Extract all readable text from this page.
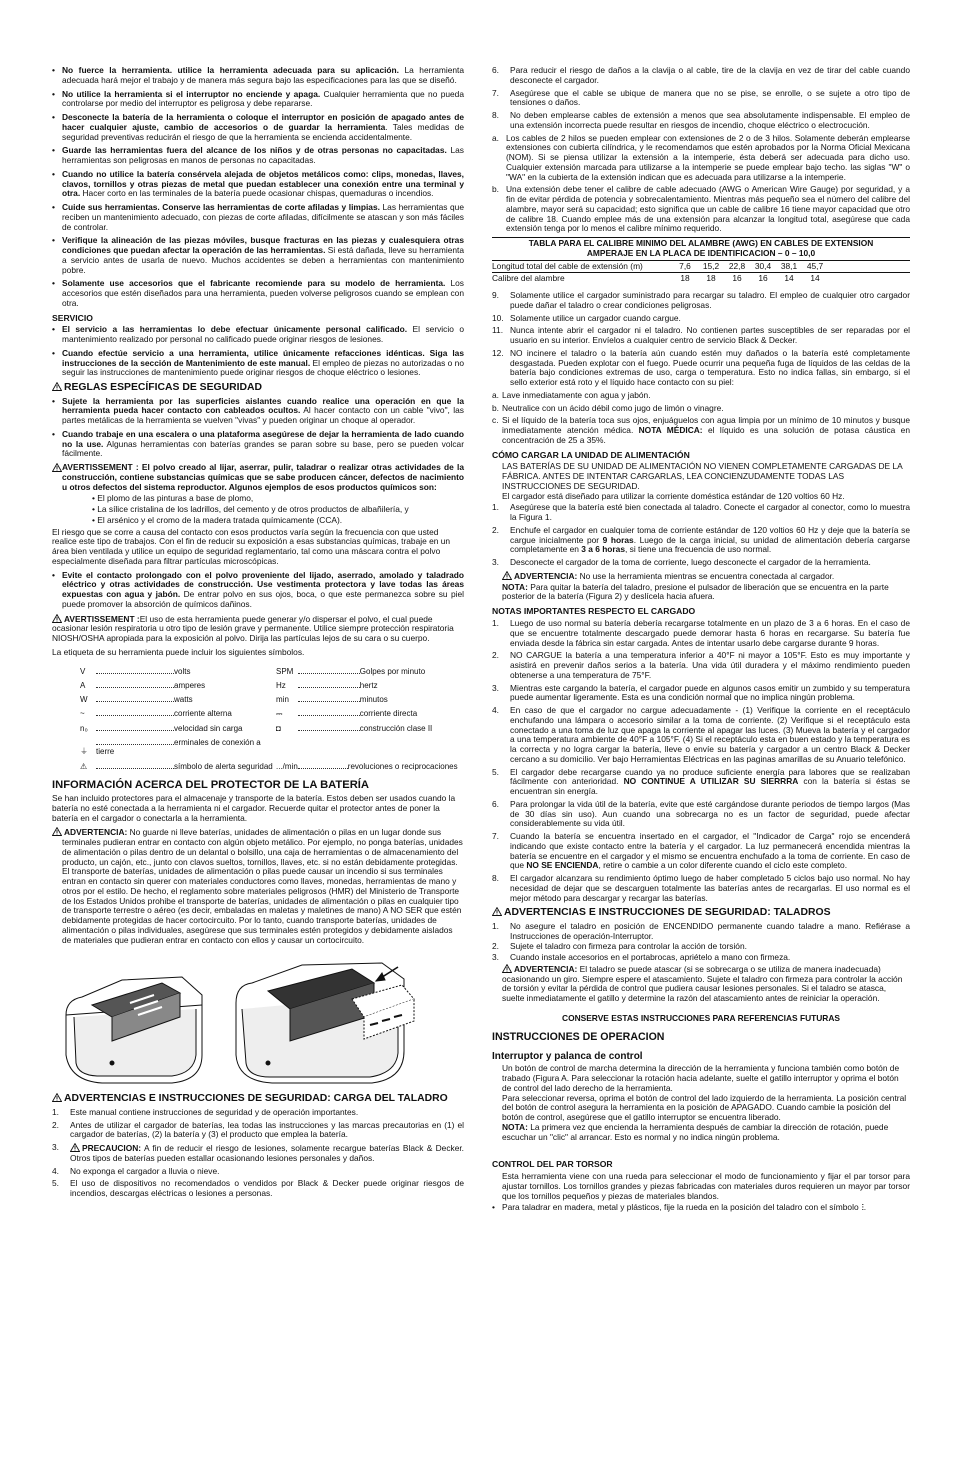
• No fuerce la herramienta. utilice la herramienta adecuada para su aplicación. La herramienta adecuada hará mejor el trabajo y de manera más segura bajo las especificaciones para las que se diseñó.

• No utilice la herramienta si el interruptor no enciende y apaga. Cualquier herramienta que no pueda controlarse por medio del interruptor es peligrosa y debe repararse.

• Desconecte la batería de la herramienta o coloque el interruptor en posición de apagado antes de hacer cualquier ajuste, cambio de accesorios o de guardar la herramienta. Tales medidas de seguridad preventivas reducirán el riesgo de que la herramienta se encienda accidentalmente.

• Guarde las herramientas fuera del alcance de los niños y de otras personas no capacitadas. Las herramientas son peligrosas en manos de personas no capacitadas.

• Cuando no utilice la batería consérvela alejada de objetos metálicos como: clips, monedas, llaves, clavos, tornillos y otras piezas de metal que puedan establecer una conexión entre una terminal y otra. Hacer corto en las terminales de la batería puede ocasionar chispas, quemaduras o incendios.

• Cuide sus herramientas. Conserve las herramientas de corte afiladas y limpias. Las herramientas que reciben un mantenimiento adecuado, con piezas de corte afiladas, difícilmente se atascan y son más fáciles de controlar.

• Verifique la alineación de las piezas móviles, busque fracturas en las piezas y cualesquiera otras condiciones que puedan afectar la operación de las herramientas. Si está dañada, lleve su herramienta a servicio antes de usarla de nuevo. Muchos accidentes se deben a herramientas con mantenimiento pobre.

• Solamente use accesorios que el fabricante recomiende para su modelo de herramienta. Los accesorios que estén diseñados para una herramienta, pueden volverse peligrosos cuando se emplean con otra.

SERVICIO

• El servicio a las herramientas lo debe efectuar únicamente personal calificado. El servicio o mantenimiento realizado por personal no calificado puede originar riesgos de lesiones.

• Cuando efectúe servicio a una herramienta, utilice únicamente refacciones idénticas. Siga las instrucciones de la sección de Mantenimiento de este manual. El empleo de piezas no autorizadas o no seguir las instrucciones de mantenimiento puede originar riesgos de choque eléctrico o lesiones.

REGLAS ESPECÍFICAS DE SEGURIDAD

• Sujete la herramienta por las superficies aislantes cuando realice una operación en que la herramienta pueda hacer contacto con cableados ocultos. Al hacer contacto con un cable "vivo", las partes metálicas de la herramienta se vuelven "vivas" y pueden originar un choque al operador.

• Cuando trabaje en una escalera o una plataforma asegúrese de dejar la herramienta de lado cuando no la use. Algunas herramientas con baterías grandes se paran sobre su base, pero se pueden volcar fácilmente.

AVERTISSEMENT : El polvo creado al lijar, aserrar, pulir, taladrar o realizar otras actividades de la construcción, contiene substancias químicas que se sabe producen cáncer, defectos de nacimiento u otros defectos del sistema reproductor. Algunos ejemplos de esos productos químicos son:

• El plomo de las pinturas a base de plomo,
• La sílice cristalina de los ladrillos, del cemento y de otros productos de albañilería, y
• El arsénico y el cromo de la madera tratada químicamente (CCA).

El riesgo que se corre a causa del contacto con esos productos varía según la frecuencia con que usted realice este tipo de trabajos. Con el fin de reducir su exposición a esas substancias químicas, trabaje en un área bien ventilada y utilice un equipo de seguridad reglamentario, tal como una máscara contra el polvo especialmente diseñada para filtrar partículas microscópicas.

• Evite el contacto prolongado con el polvo proveniente del lijado, aserrado, amolado y taladrado eléctrico y otras actividades de construcción. Use vestimenta protectora y lave todas las áreas expuestas con agua y jabón. De entrar polvo en sus ojos, boca, o que este permanezca sobre su piel puede promover la absorción de químicos dañinos.

AVERTISSEMENT :El uso de esta herramienta puede generar y/o dispersar el polvo, el cual puede ocasionar lesión respiratoria u otro tipo de lesión grave y permanente. Utilice siempre protección respiratoria NIOSH/OSHA apropiada para la exposición al polvo. Dirija las partículas lejos de su cara o su cuerpo.

La etiqueta de su herramienta puede incluir los siguientes símbolos.

V	volts	SPM	Golpes por minuto
A	amperes	Hz	hertz
W	watts	min	minutos
~	corriente alterna	⎓	corriente directa
n₀	velocidad sin carga	◘	construcción clase II
⏚	erminales de conexión a tierre		
⚠	símbolo de alerta seguridad	.../min	revoluciones o reciprocaciones
INFORMACIÓN ACERCA DEL PROTECTOR DE LA BATERÍA

Se han incluido protectores para el almacenaje y transporte de la batería. Estos deben ser usados cuando la batería no esté conectada a la herramienta ni el cargador. Recuerde quitar el protector antes de poner la batería en el cargador o conectarla a la herramienta.

ADVERTENCIA: No guarde ni lleve baterías, unidades de alimentación o pilas en un lugar donde sus terminales pudieran entrar en contacto con algún objeto metálico. Por ejemplo, no ponga baterías, unidades de alimentación o pilas dentro de un delantal o bolsillo, una caja de herramientas o de almacenamiento del producto, un cajón, etc., junto con clavos sueltos, tornillos, llaves, etc. si no están debidamente protegidas. El transporte de baterías, unidades de alimentación o pilas puede causar un incendio si sus terminales entran en contacto sin querer con materiales conductores como llaves, monedas, herramientas de mano y otros por el estilo. De hecho, el reglamento sobre materiales peligrosos (HMR) del Ministerio de Transporte de los Estados Unidos prohibe el transporte de baterías, unidades de alimentación o pilas en cualquier tipo de transporte terrestre o aéreo (es decir, embaladas en maletas y maletines de mano) A NO SER que estén debidamente protegidas de hacer cortocircuito. Por lo tanto, cuando transporte baterías, unidades de alimentación o pilas individuales, asegúrese que sus terminales estén protegidos y debidamente aislados de materiales que pudieran entrar en contacto con ellos y causar un cortocircuito.

ADVERTENCIAS E INSTRUCCIONES DE SEGURIDAD: CARGA DEL TALADRO

1. Este manual contiene instrucciones de seguridad y de operación importantes.

2. Antes de utilizar el cargador de baterías, lea todas las instrucciones y las marcas precautorias en (1) el cargador de baterías, (2) la batería y (3) el producto que emplea la batería.

3.	PRECAUCION: A fin de reducir el riesgo de lesiones, solamente recargue baterías Black & Decker. Otros tipos de baterías pueden estallar ocasionando lesiones personales y daños.

4. No exponga el cargador a lluvia o nieve.

5. El uso de dispositivos no recomendados o vendidos por Black & Decker puede originar riesgos de incendios, descargas eléctricas o lesiones a personas.

6. Para reducir el riesgo de daños a la clavija o al cable, tire de la clavija en vez de tirar del cable cuando desconecte el cargador.

7. Asegúrese que el cable se ubique de manera que no se pise, se enrolle, o se sujete a otro tipo de tensiones o daños.

8. No deben emplearse cables de extensión a menos que sea absolutamente indispensable. El empleo de una extensión incorrecta puede resultar en riesgos de incendio, choque eléctrico o electrocución.

a. Los cables de 2 hilos se pueden emplear con extensiones de 2 o de 3 hilos. Solamente deberán emplearse extensiones con cubierta cilíndrica, y le recomendamos que estén aprobados por la Norma Oficial Mexicana (NOM). Si se piensa utilizar la extensión a la intemperie, ésta deberá ser adecuada para dicho uso. Cualquier extensión marcada para utilizarse a la intemperie se puede emplear bajo techo. las siglas "W" o "WA" en la cubierta de la extensión indican que es adecuada para utilizarse a la intemperie.

b. Una extensión debe tener el calibre de cable adecuado (AWG o American Wire Gauge) por seguridad, y a fin de evitar pérdida de potencia y sobrecalentamiento. Mientras más pequeño sea el número del calibre del alambre, mayor será su capacidad; esto significa que un cable de calibre 16 tiene mayor capacidad que otro de calibre 18. Cuando emplee más de una extensión para alcanzar la longitud total, asegúrese que cada extensión tenga por lo menos el calibre mínimo requerido.

TABLA PARA EL CALIBRE MINIMO DEL ALAMBRE (AWG) EN CABLES DE EXTENSION
AMPERAJE EN LA PLACA DE IDENTIFICACION – 0 – 10,0
Longitud total del cable de extensión (m)	7,6	15,2	22,8	30,4	38,1	45,7
Calibre del alambre	18	18	16	16	14	14

9. Solamente utilice el cargador suministrado para recargar su taladro. El empleo de cualquier otro cargador puede dañar el taladro o crear condiciones peligrosas.

10. Solamente utilice un cargador cuando cargue.

11. Nunca intente abrir el cargador ni el taladro. No contienen partes susceptibles de ser reparadas por el usuario en su interior. Envíelos a cualquier centro de servicio Black & Decker.

12. NO incinere el taladro o la batería aún cuando estén muy dañados o la batería esté completamente desgastada. Pueden explotar con el fuego. Puede ocurrir una pequeña fuga de líquidos de las celdas de la batería bajo condiciones extremas de uso, carga o temperatura. Esto no indica fallas, sin embargo, si el sello exterior está roto y el líquido hace contacto con su piel:

a. Lave inmediatamente con agua y jabón.

b. Neutralice con un ácido débil como jugo de limón o vinagre.

c. Si el líquido de la batería toca sus ojos, enjuáguelos con agua limpia por un mínimo de 10 minutos y busque inmediatamente atención médica. NOTA MÉDICA: el líquido es una solución de potasa cáustica en concentración de 25 a 35%.

CÓMO CARGAR LA UNIDAD DE ALIMENTACIÓN

LAS BATERÍAS DE SU UNIDAD DE ALIMENTACIÓN NO VIENEN COMPLETAMENTE CARGADAS DE LA FÁBRICA. ANTES DE INTENTAR CARGARLAS, LEA CONCIENZUDAMENTE TODAS LAS INSTRUCCIONES DE SEGURIDAD.

El cargador está diseñado para utilizar la corriente doméstica estándar de 120 voltios 60 Hz.

1. Asegúrese que la batería esté bien conectada al taladro. Conecte el cargador al conector, como lo muestra la Figura 1.

2. Enchufe el cargador en cualquier toma de corriente estándar de 120 voltios 60 Hz y deje que la batería se cargue inicialmente por 9 horas. Luego de la carga inicial, su unidad de alimentación debería cargarse completamente en 3 a 6 horas, si tiene una frecuencia de uso normal.

3. Desconecte el cargador de la toma de corriente, luego desconecte el cargador de la herramienta.

ADVERTENCIA: No use la herramienta mientras se encuentra conectada al cargador.

NOTA: Para quitar la batería del taladro, presione el pulsador de liberación que se encuentra en la parte posterior de la batería (Figura 2) y deslícela hacia afuera.

NOTAS IMPORTANTES RESPECTO EL CARGADO

1. Luego de uso normal su batería debería recargarse totalmente en un plazo de 3 a 6 horas. En el caso de que se encuentre totalmente descargado puede demorar hasta 6 horas en recargarse. Su batería fue enviada desde la fábrica sin estar cargada. Antes de intentar usarlo debe cargarse durante 9 horas.

2. NO CARGUE la batería a una temperatura inferior a 40°F ni mayor a 105°F. Esto es muy importante y asistirá en prevenir daños serios a la batería. Una vida útil duradera y el máximo rendimiento pueden obtenerse a una temperatura de 75°F.

3. Mientras este cargando la batería, el cargador puede en algunos casos emitir un zumbido y su temperatura puede aumentar ligeramente. Esta es una condición normal que no implica ningún problema.

4. En caso de que el cargador no cargue adecuadamente - (1) Verifique la corriente en el receptáculo enchufando una lámpara o accesorio similar a la toma de corriente. (2) Verifique si el receptáculo esta conectado a una toma de luz que apaga la corriente al apagar las luces. (3) Mueva la batería y el cargador a una temperatura ambiente de 40°F a 105°F. (4) Si el receptáculo esta en buen estado y la temperatura es la correcta y no logra cargar la batería, lleve o envíe su batería y cargador a un centro Black & Decker cercano a su domicilio. Ver bajo Herramientas Eléctricas en las paginas amarillas de su Anuario telefónico.

5. El cargador debe recargarse cuando ya no produce suficiente energía para labores que se realizaban fácilmente con anterioridad. NO CONTINUE A UTILIZAR SU SIERRRA con la batería si éstas se encuentran sin energía.

6. Para prolongar la vida útil de la batería, evite que esté cargándose durante periodos de tiempo largos (Mas de 30 días sin uso). Aun cuando una sobrecarga no es un factor de seguridad, puede afectar considerablemente su vida útil.

7. Cuando la batería se encuentra insertado en el cargador, el "Indicador de Carga" rojo se encenderá indicando que existe contacto entre la batería y el cargador. La luz permanecerá encendida mientras la batería se encuentre en el cargador y el mismo se encuentra enchufado a la toma de corriente. En caso de que NO SE ENCIENDA, retire o cambie a un color diferente cuando el ciclo este completo.

8. El cargador alcanzara su rendimiento óptimo luego de haber completado 5 ciclos bajo uso normal. No hay necesidad de dejar que se descarguen totalmente las baterías antes de recargarlas. El uso normal es el mejor método para descargar y recargar las baterías.

ADVERTENCIAS E INSTRUCCIONES DE SEGURIDAD: TALADROS

1. No asegure el taladro en posición de ENCENDIDO permanente cuando taladre a mano. Refiérase a Instrucciones de operación-Interruptor.

2. Sujete el taladro con firmeza para controlar la acción de torsión.

3. Cuando instale accesorios en el portabrocas, apriételo a mano con firmeza.

ADVERTENCIA: El taladro se puede atascar (si se sobrecarga o se utiliza de manera inadecuada) ocasionando un giro. Siempre espere el atascamiento. Sujete el taladro con firmeza para controlar la acción de torsión y evitar la pérdida de control que pudiera causar lesiones personales. Si el taladro se atasca, suelte inmediatamente el gatillo y determine la razón del atascamiento antes de reiniciar la operación.

CONSERVE ESTAS INSTRUCCIONES PARA REFERENCIAS FUTURAS
INSTRUCCIONES DE OPERACION
Interruptor y palanca de control

Un botón de control de marcha determina la dirección de la herramienta y funciona también como botón de trabado (Figura A. Para seleccionar la rotación hacia adelante, suelte el gatillo interruptor y oprima el botón de control del lado derecho de la herramienta.

Para seleccionar reversa, oprima el botón de control del lado izquierdo de la herramienta. La posición central del botón de control asegura la herramienta en la posición de APAGADO. Cuando cambie la posición del botón de control, asegúrese que el gatillo interruptor se encuentra liberado.

NOTA: La primera vez que encienda la herramienta después de cambiar la dirección de rotación, puede escuchar un "clic" al arrancar. Esto es normal y no indica ningún problema.

CONTROL DEL PAR TORSOR

Esta herramienta viene con una rueda para seleccionar el modo de funcionamiento y fijar el par torsor para ajustar tornillos. Los tornillos grandes y piezas fabricadas con materiales duros requieren un mayor par torsor que los tornillos pequeños y piezas de materiales blandos.

• Para taladrar en madera, metal y plásticos, fije la rueda en la posición del taladro con el símbolo ⫶.
